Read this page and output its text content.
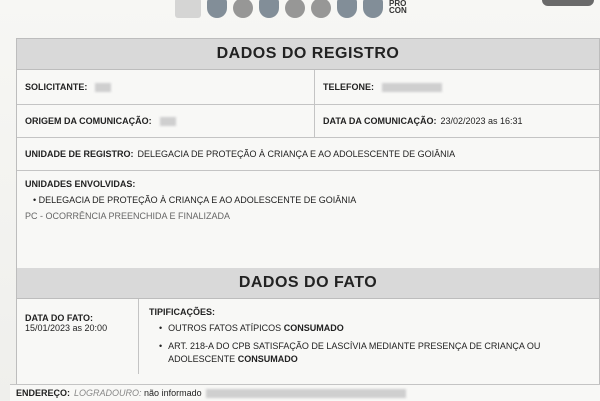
PRO
CON
DADOS DO REGISTRO
SOLICITANTE:	TELEFONE:
ORIGEM DA COMUNICAÇÃO:	DATA DA COMUNICAÇÃO: 23/02/2023 as 16:31
UNIDADE DE REGISTRO: DELEGACIA DE PROTEÇÃO À CRIANÇA E AO ADOLESCENTE DE GOIÂNIA
UNIDADES ENVOLVIDAS:
• DELEGACIA DE PROTEÇÃO À CRIANÇA E AO ADOLESCENTE DE GOIÂNIA
PC - OCORRÊNCIA PREENCHIDA E FINALIZADA
DADOS DO FATO
DATA DO FATO:
15/01/2023 as 20:00
TIPIFICAÇÕES:
• OUTROS FATOS ATÍPICOS CONSUMADO
• ART. 218-A DO CPB SATISFAÇÃO DE LASCÍVIA MEDIANTE PRESENÇA DE CRIANÇA OU ADOLESCENTE CONSUMADO
ENDEREÇO: LOGRADOURO:
não informado
